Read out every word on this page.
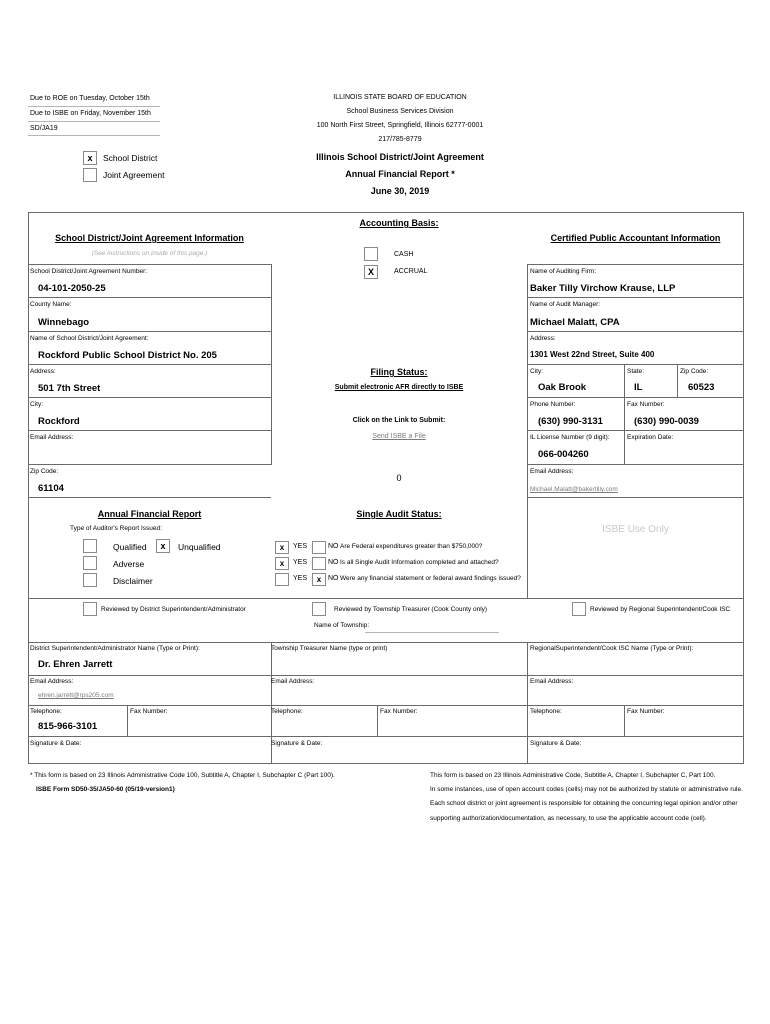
Due to ROE on Tuesday, October 15th
Due to ISBE on Friday, November 15th
SD/JA19
x	School District
Joint Agreement
ILLINOIS STATE BOARD OF EDUCATION
School Business Services Division
100 North First Street, Springfield, Illinois 62777-0001
217/785-8779
Illinois School District/Joint Agreement
Annual Financial Report *
June 30, 2019
School District/Joint Agreement Information
(See instructions on inside of this page.)
School District/Joint Agreement Number:
04-101-2050-25
County Name:
Winnebago
Name of School District/Joint Agreement:
Rockford Public School District No. 205
Address:
501 7th Street
City:
Rockford
Email Address:
Zip Code:
61104
Accounting Basis:
CASH
X	ACCRUAL
Filing Status:
Submit electronic AFR directly to ISBE
Click on the Link to Submit:
Send ISBE a File
0
Certified Public Accountant Information
Name of Auditing Firm:
Baker Tilly Virchow Krause, LLP
Name of Audit Manager:
Michael Malatt, CPA
Address:
1301 West 22nd Street, Suite 400
City:
Oak Brook
State:
IL
Zip Code:
60523
Phone Number:
(630) 990-3131
Fax Number:
(630) 990-0039
IL License Number (9 digit):
066-004260
Expiration Date:
Email Address:
Michael.Malatt@bakertilly.com
Annual Financial Report
Type of Auditor's Report Issued:
Qualified	x	Unqualified
Adverse
Disclaimer
Single Audit Status:
x	YES	NO Are Federal expenditures greater than $750,000?
x	YES	NO Is all Single Audit Information completed and attached?
YES	x NO Were any financial statement or federal award findings issued?
ISBE Use Only
Reviewed by District Superintendent/Administrator	Reviewed by Township Treasurer (Cook County only)
Name of Township:
Reviewed by Regional Superintendent/Cook ISC
District Superintendent/Administrator Name (Type or Print):
Dr. Ehren Jarrett
Email Address:
ehren.jarrett@rps205.com
Telephone:
815-966-3101
Fax Number:
Signature & Date:
Township Treasurer Name (type or print)
Email Address:
Telephone:	Fax Number:
Signature & Date:
RegionalSuperintendent/Cook ISC Name (Type or Print):
Email Address:
Telephone:	Fax Number:
Signature & Date:
* This form is based on 23 Illinois Administrative Code 100, Subtitle A, Chapter I, Subchapter C (Part 100).
ISBE Form SD50-35/JA50-60 (05/19-version1)
This form is based on 23 Illinois Administrative Code, Subtitle A, Chapter I, Subchapter C, Part 100.
In some instances, use of open account codes (cells) may not be authorized by statute or administrative rule.
Each school district or joint agreement is responsible for obtaining the concurring legal opinion and/or other
supporting authorization/documentation, as necessary, to use the applicable account code (cell).
